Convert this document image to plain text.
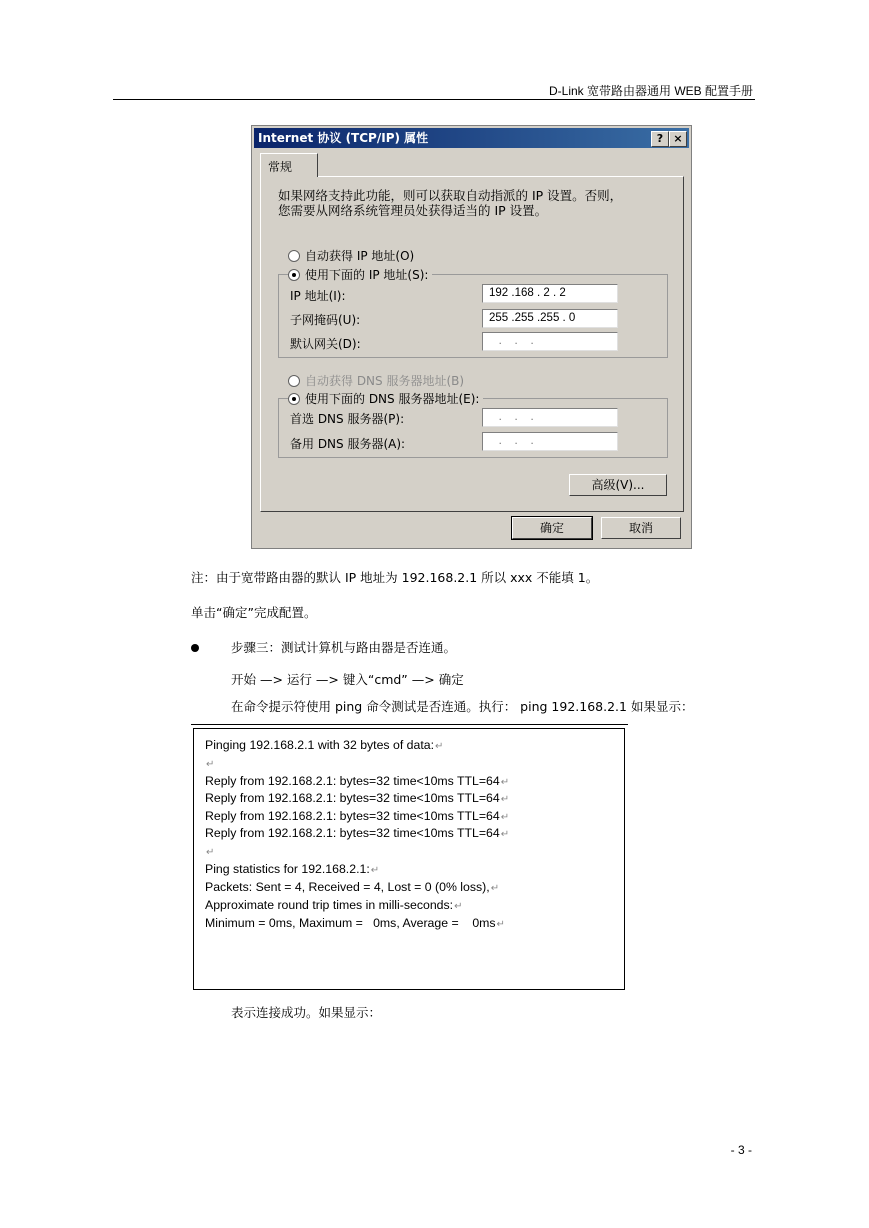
D-Link 宽带路由器通用 WEB 配置手册
Internet 协议 (TCP/IP) 属性	? ×
常规
如果网络支持此功能，则可以获取自动指派的 IP 设置。否则，
您需要从网络系统管理员处获得适当的 IP 设置。
自动获得 IP 地址(O)
使用下面的 IP 地址(S):
IP 地址(I):	192 .168 . 2 . 2
子网掩码(U):	255 .255 .255 . 0
默认网关(D):	.    .    .
自动获得 DNS 服务器地址(B)
使用下面的 DNS 服务器地址(E):
首选 DNS 服务器(P):	.    .    .
备用 DNS 服务器(A):	.    .    .
高级(V)...
确定	取消
注：由于宽带路由器的默认 IP 地址为 192.168.2.1 所以 xxx 不能填 1。
单击“确定”完成配置。
步骤三：测试计算机与路由器是否连通。
开始 —> 运行 —> 键入“cmd” —> 确定
在命令提示符使用 ping 命令测试是否连通。执行： ping 192.168.2.1 如果显示：
Pinging 192.168.2.1 with 32 bytes of data:↵
↵
Reply from 192.168.2.1: bytes=32 time<10ms TTL=64↵
Reply from 192.168.2.1: bytes=32 time<10ms TTL=64↵
Reply from 192.168.2.1: bytes=32 time<10ms TTL=64↵
Reply from 192.168.2.1: bytes=32 time<10ms TTL=64↵
↵
Ping statistics for 192.168.2.1:↵
Packets: Sent = 4, Received = 4, Lost = 0 (0% loss),↵
Approximate round trip times in milli-seconds:↵
Minimum = 0ms, Maximum =   0ms, Average =    0ms↵
表示连接成功。如果显示：
- 3 -
